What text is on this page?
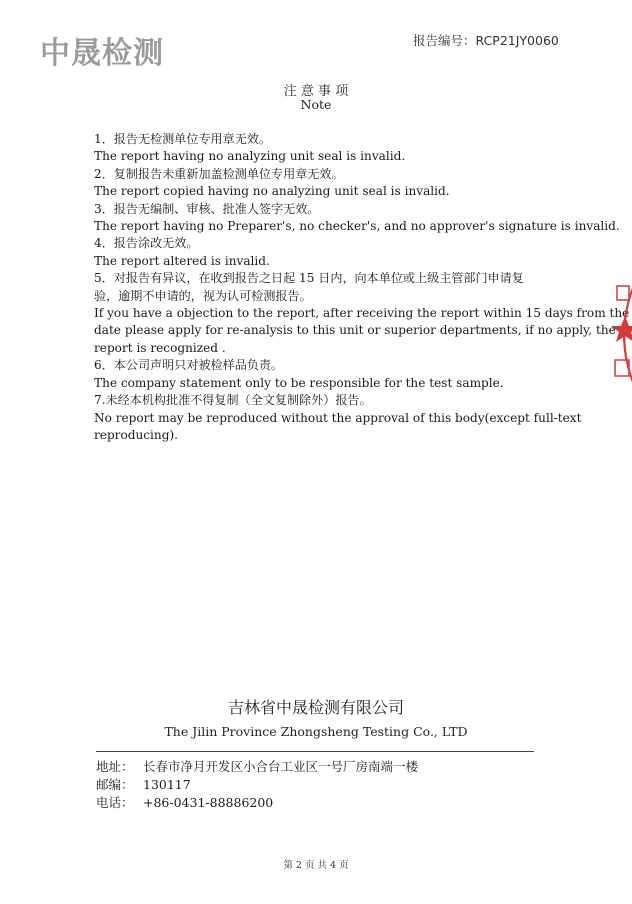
中晟检测	报告编号：RCP21JY0060
注 意 事 项
Note
1．报告无检测单位专用章无效。
The report having no analyzing unit seal is invalid.
2．复制报告未重新加盖检测单位专用章无效。
The report copied having no analyzing unit seal is invalid.
3．报告无编制、审核、批准人签字无效。
The report having no Preparer's, no checker's, and no approver's signature is invalid.
4．报告涂改无效。
The report altered is invalid.
5．对报告有异议，在收到报告之日起 15 日内，向本单位或上级主管部门申请复
验，逾期不申请的，视为认可检测报告。
If you have a objection to the report, after receiving the report within 15 days from the
date please apply for re-analysis to this unit or superior departments, if no apply, the
report is recognized .
6．本公司声明只对被检样品负责。
The company statement only to be responsible for the test sample.
7.未经本机构批准不得复制（全文复制除外）报告。
No report may be reproduced without the approval of this body(except full-text
reproducing).
吉林省中晟检测有限公司
The Jilin Province Zhongsheng Testing Co., LTD
地址： 长春市净月开发区小合台工业区一号厂房南端一楼
邮编： 130117
电话： +86-0431-88886200
第 2 页 共 4 页
